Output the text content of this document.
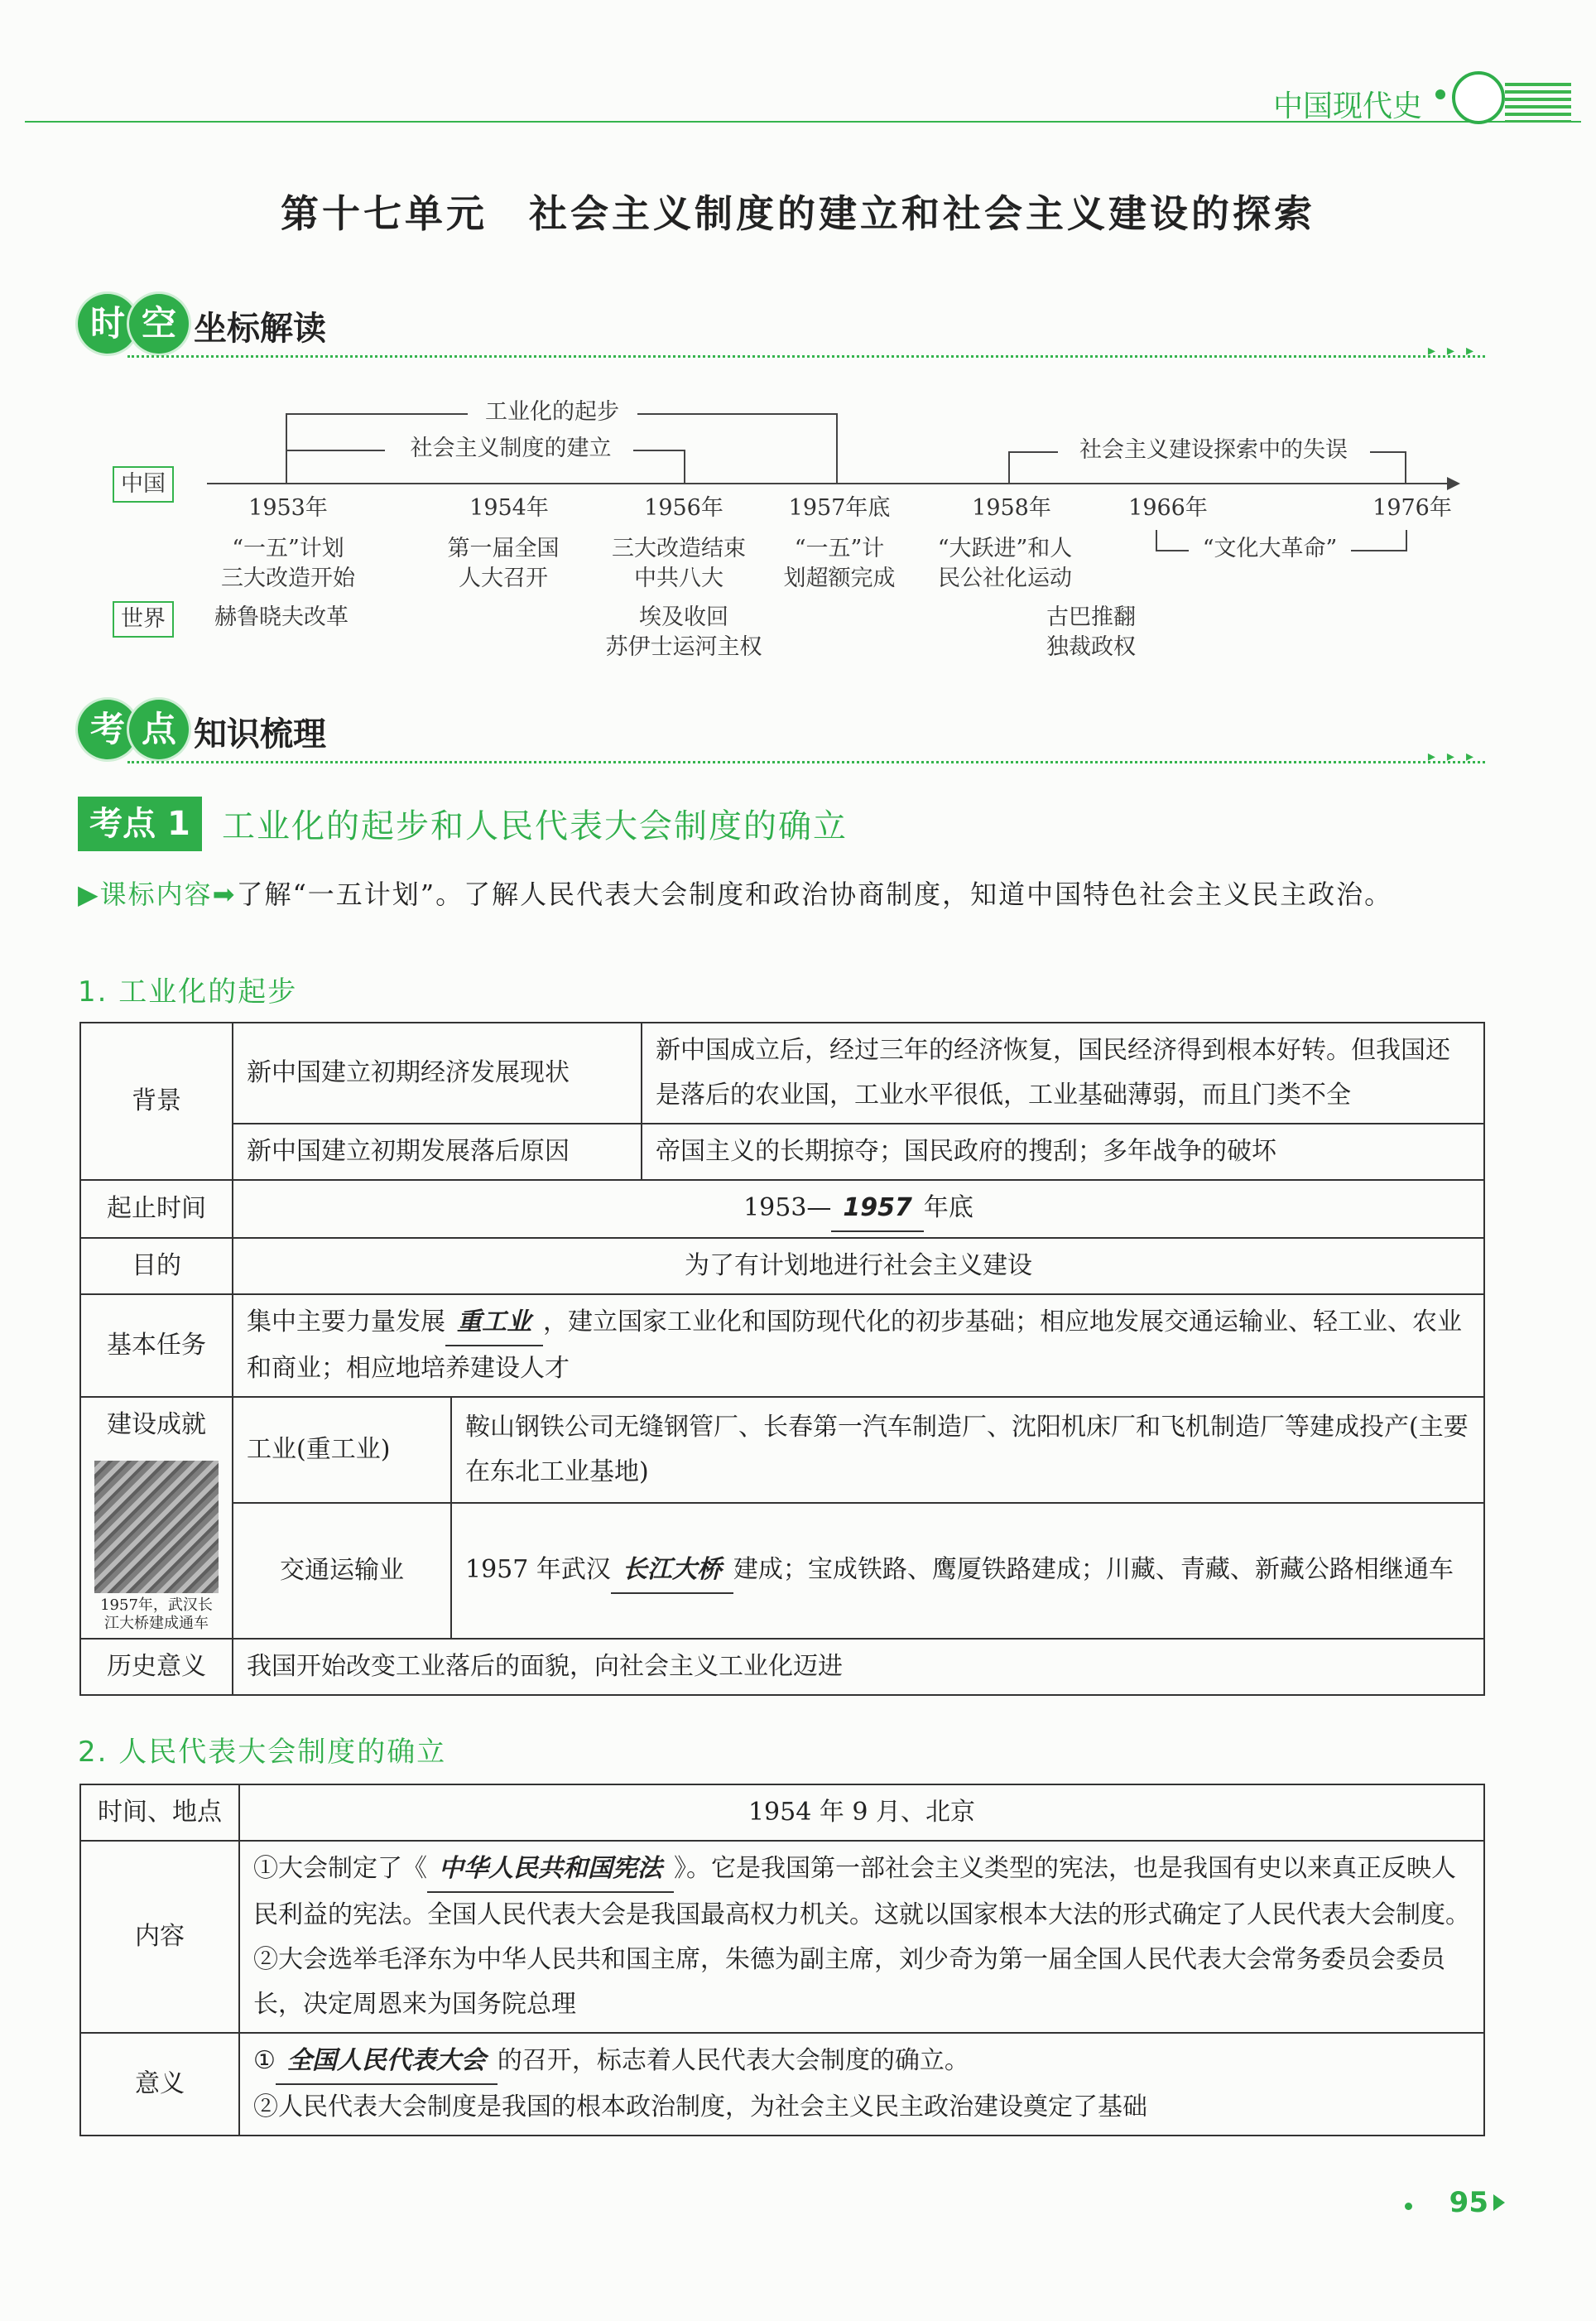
中国现代史
第十七单元　社会主义制度的建立和社会主义建设的探索
时 空 坐标解读
▸▸▸
中国
世界
工业化的起步
社会主义制度的建立	社会主义建设探索中的失误
1953年	1954年	1956年	1957年底	1958年	1966年	1976年
“文化大革命”
“一五”计划
三大改造开始
第一届全国
人大召开
三大改造结束
中共八大
“一五”计
划超额完成
“大跃进”和人
民公社化运动
赫鲁晓夫改革	埃及收回
苏伊士运河主权
古巴推翻
独裁政权
考 点 知识梳理
▸▸▸
考点 1 工业化的起步和人民代表大会制度的确立
▶课标内容➡了解“一五计划”。了解人民代表大会制度和政治协商制度，知道中国特色社会主义民主政治。
1. 工业化的起步
背景	新中国建立初期经济发展现状		新中国成立后，经过三年的经济恢复，国民经济得到根本好转。但我国还是落后的农业国，工业水平很低，工业基础薄弱，而且门类不全
	新中国建立初期发展落后原因		帝国主义的长期掠夺；国民政府的搜刮；多年战争的破坏
起止时间	1953— 1957 年底		
目的	为了有计划地进行社会主义建设		
基本任务	集中主要力量发展 重工业 ，建立国家工业化和国防现代化的初步基础；相应地发展交通运输业、轻工业、农业和商业；相应地培养建设人才		

建设成就
1957年，武汉长江大桥建成通车	工业(重工业)	鞍山钢铁公司无缝钢管厂、长春第一汽车制造厂、沈阳机床厂和飞机制造厂等建成投产(主要在东北工业基地)	
	交通运输业	1957 年武汉 长江大桥 建成；宝成铁路、鹰厦铁路建成；川藏、青藏、新藏公路相继通车	
历史意义	我国开始改变工业落后的面貌，向社会主义工业化迈进		
2. 人民代表大会制度的确立
时间、地点	1954 年 9 月、北京
内容	①大会制定了《 中华人民共和国宪法 》。它是我国第一部社会主义类型的宪法，也是我国有史以来真正反映人民利益的宪法。全国人民代表大会是我国最高权力机关。这就以国家根本大法的形式确定了人民代表大会制度。
②大会选举毛泽东为中华人民共和国主席，朱德为副主席，刘少奇为第一届全国人民代表大会常务委员会委员长，决定周恩来为国务院总理

意义	① 全国人民代表大会 的召开，标志着人民代表大会制度的确立。
②人民代表大会制度是我国的根本政治制度，为社会主义民主政治建设奠定了基础
95
